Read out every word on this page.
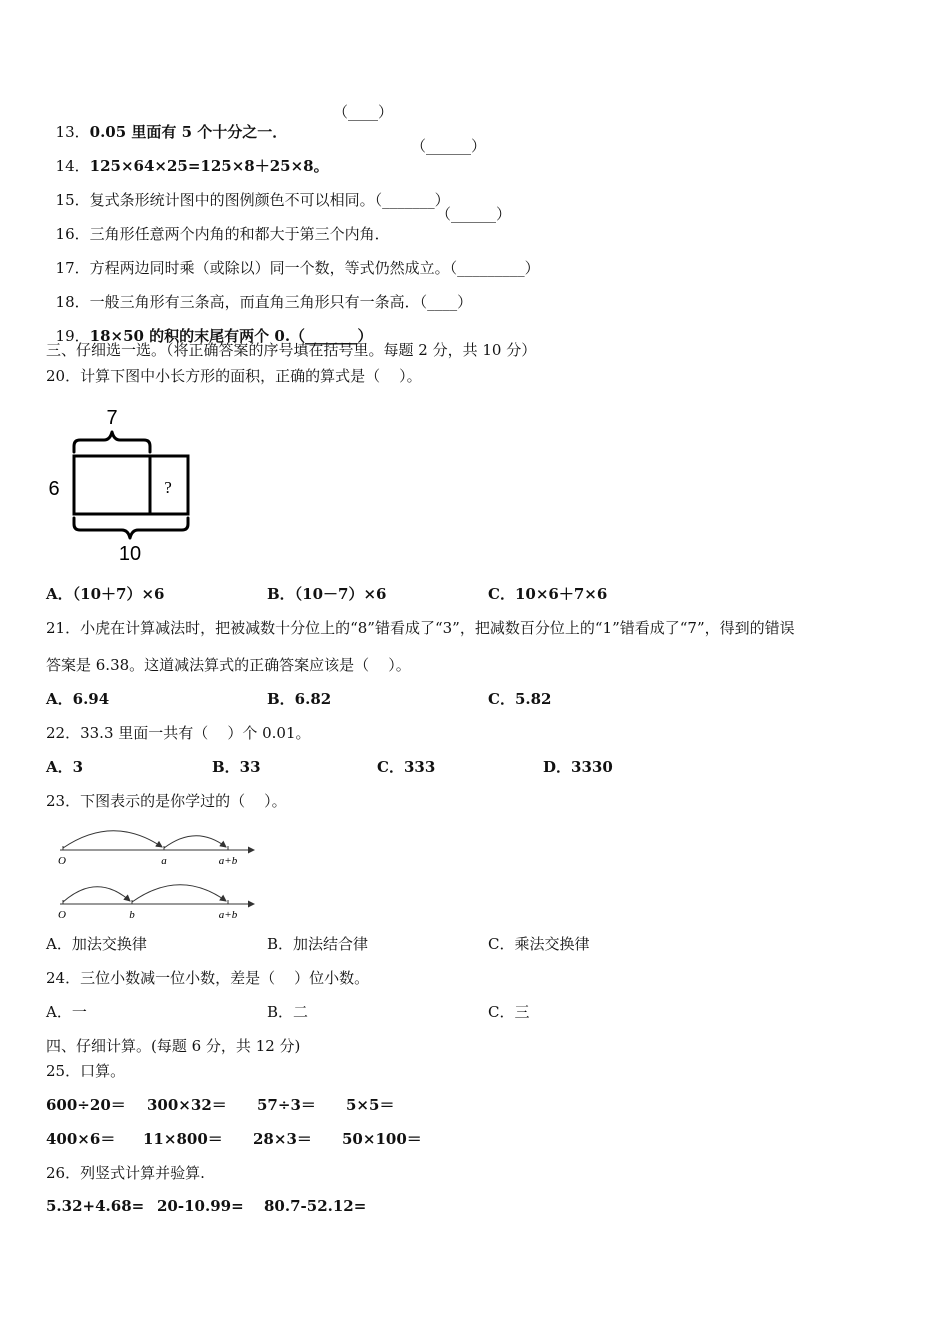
13．0.05 里面有 5 个十分之一．

（____）

14．125×64×25=125×8＋25×8。

（______）

15．复式条形统计图中的图例颜色不可以相同。（_______）

16．三角形任意两个内角的和都大于第三个内角．

（______）

17．方程两边同时乘（或除以）同一个数，等式仍然成立。（_________）

18．一般三角形有三条高，而直角三角形只有一条高．（____）

19．18×50 的积的末尾有两个 0.（_______）

三、仔细选一选。（将正确答案的序号填在括号里。每题 2 分，共 10 分）
20．计算下图中小长方形的面积，正确的算式是（    ）。
7
?
6
10
A．（10＋7）×6	B．（10－7）×6	C．10×6＋7×6
21．小虎在计算减法时，把被减数十分位上的“8”错看成了“3”，把减数百分位上的“1”错看成了“7”，得到的错误
答案是 6.38。这道减法算式的正确答案应该是（    ）。
A．6.94	B．6.82	C．5.82
22．33.3 里面一共有（    ）个 0.01。
A．3	B．33	C．333	D．3330
23．下图表示的是你学过的（    ）。
O	a	a+b
O	b	a+b
A．加法交换律	B．加法结合律	C．乘法交换律
24．三位小数减一位小数，差是（    ）位小数。
A．一	B．二	C．三
四、仔细计算。(每题 6 分，共 12 分)
25．口算。
600÷20＝ 300×32＝ 57÷3＝ 5×5＝
400×6＝ 11×800＝ 28×3＝ 50×100＝
26．列竖式计算并验算.
5.32+4.68= 20-10.99= 80.7-52.12=
